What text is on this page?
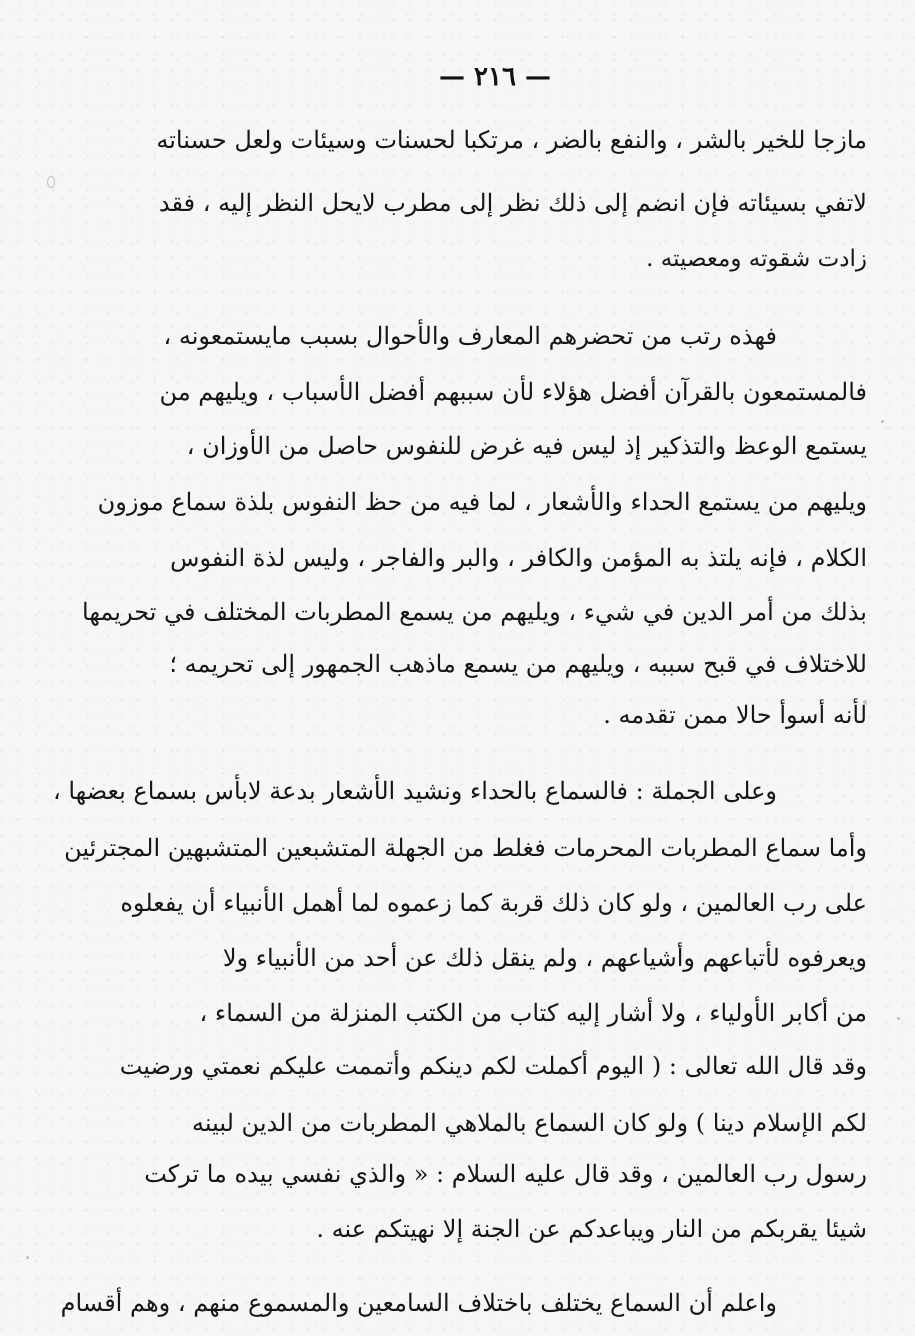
— ٢١٦ —
مازجا للخير بالشر ، والنفع بالضر ، مرتكبا لحسنات وسيئات ولعل حسناته
لاتفي بسيئاته فإن انضم إلى ذلك نظر إلى مطرب لايحل النظر إليه ، فقد
زادت شقوته ومعصيته .
فهذه رتب من تحضرهم المعارف والأحوال بسبب مايستمعونه ،
فالمستمعون بالقرآن أفضل هؤلاء لأن سببهم أفضل الأسباب ، ويليهم من
يستمع الوعظ والتذكير إذ ليس فيه غرض للنفوس حاصل من الأوزان ،
ويليهم من يستمع الحداء والأشعار ، لما فيه من حظ النفوس بلذة سماع موزون
الكلام ، فإنه يلتذ به المؤمن والكافر ، والبر والفاجر ، وليس لذة النفوس
بذلك من أمر الدين في شيء ، ويليهم من يسمع المطربات المختلف في تحريمها
للاختلاف في قبح سببه ، ويليهم من يسمع ماذهب الجمهور إلى تحريمه ؛
لأنه أسوأ حالا ممن تقدمه .
وعلى الجملة : فالسماع بالحداء ونشيد الأشعار بدعة لابأس بسماع بعضها ،
وأما سماع المطربات المحرمات فغلط من الجهلة المتشبعين المتشبهين المجترئين
على رب العالمين ، ولو كان ذلك قربة كما زعموه لما أهمل الأنبياء أن يفعلوه
ويعرفوه لأتباعهم وأشياعهم ، ولم ينقل ذلك عن أحد من الأنبياء ولا
من أكابر الأولياء ، ولا أشار إليه كتاب من الكتب المنزلة من السماء ،
وقد قال الله تعالى : ( اليوم أكملت لكم دينكم وأتممت عليكم نعمتي ورضيت
لكم الإسلام دينا ) ولو كان السماع بالملاهي المطربات من الدين لبينه
رسول رب العالمين ، وقد قال عليه السلام : « والذي نفسي بيده ما تركت
شيئا يقربكم من النار ويباعدكم عن الجنة إلا نهيتكم عنه .
واعلم أن السماع يختلف باختلاف السامعين والمسموع منهم ، وهم أقسام
